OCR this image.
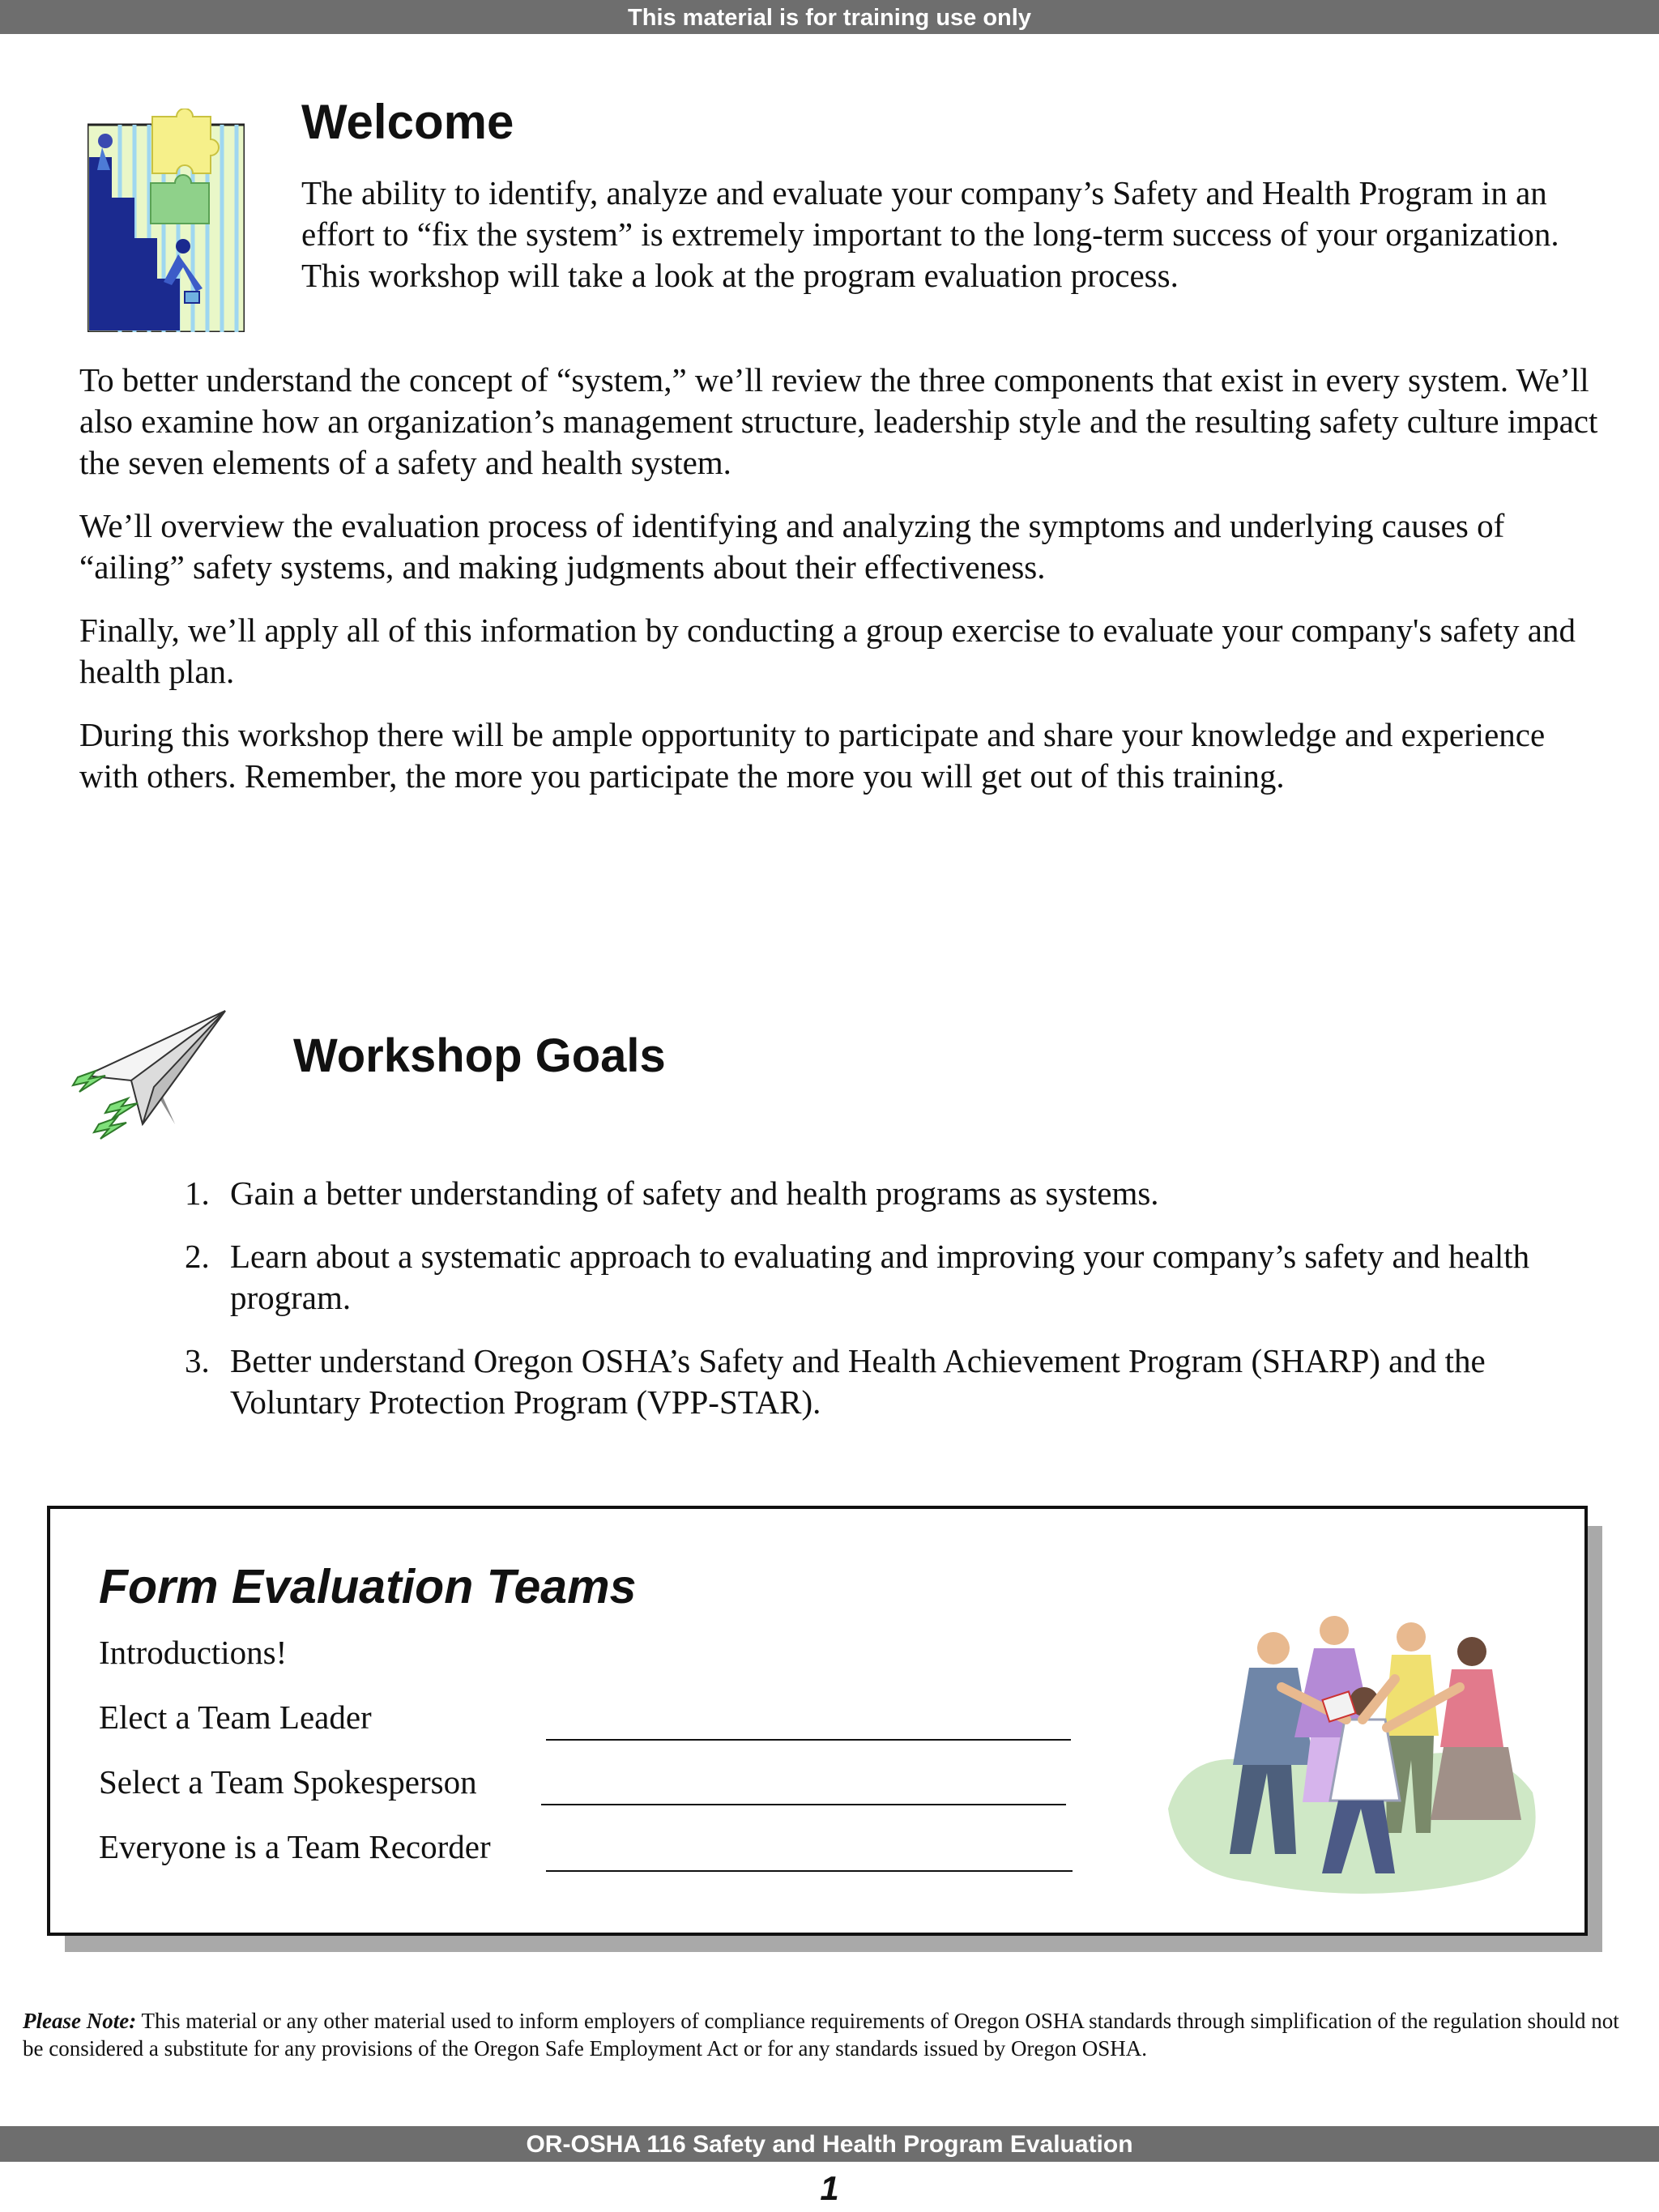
This material is for training use only
Welcome

The ability to identify, analyze and evaluate your company’s Safety and Health Program in an effort to “fix the system” is extremely important to the long-term success of your organization. This workshop will take a look at the program evaluation process.

To better understand the concept of “system,” we’ll review the three components that exist in every system. We’ll also examine how an organization’s management structure, leadership style and the resulting safety culture impact the seven elements of a safety and health system.

We’ll overview the evaluation process of identifying and analyzing the symptoms and underlying causes of “ailing” safety systems, and making judgments about their effectiveness.

Finally, we’ll apply all of this information by conducting a group exercise to evaluate your company's safety and health plan.

During this workshop there will be ample opportunity to participate and share your knowledge and experience with others. Remember, the more you participate the more you will get out of this training.

Workshop Goals
1. Gain a better understanding of safety and health programs as systems.
2. Learn about a systematic approach to evaluating and improving your company’s safety and health program.
3. Better understand Oregon OSHA’s Safety and Health Achievement Program (SHARP) and the Voluntary Protection Program (VPP-STAR).
Form Evaluation Teams
Introductions!
Elect a Team Leader
Select a Team Spokesperson
Everyone is a Team Recorder

Please Note: This material or any other material used to inform employers of compliance requirements of Oregon OSHA standards through simplification of the regulation should not be considered a substitute for any provisions of the Oregon Safe Employment Act or for any standards issued by Oregon OSHA.

OR-OSHA 116 Safety and Health Program Evaluation
1
